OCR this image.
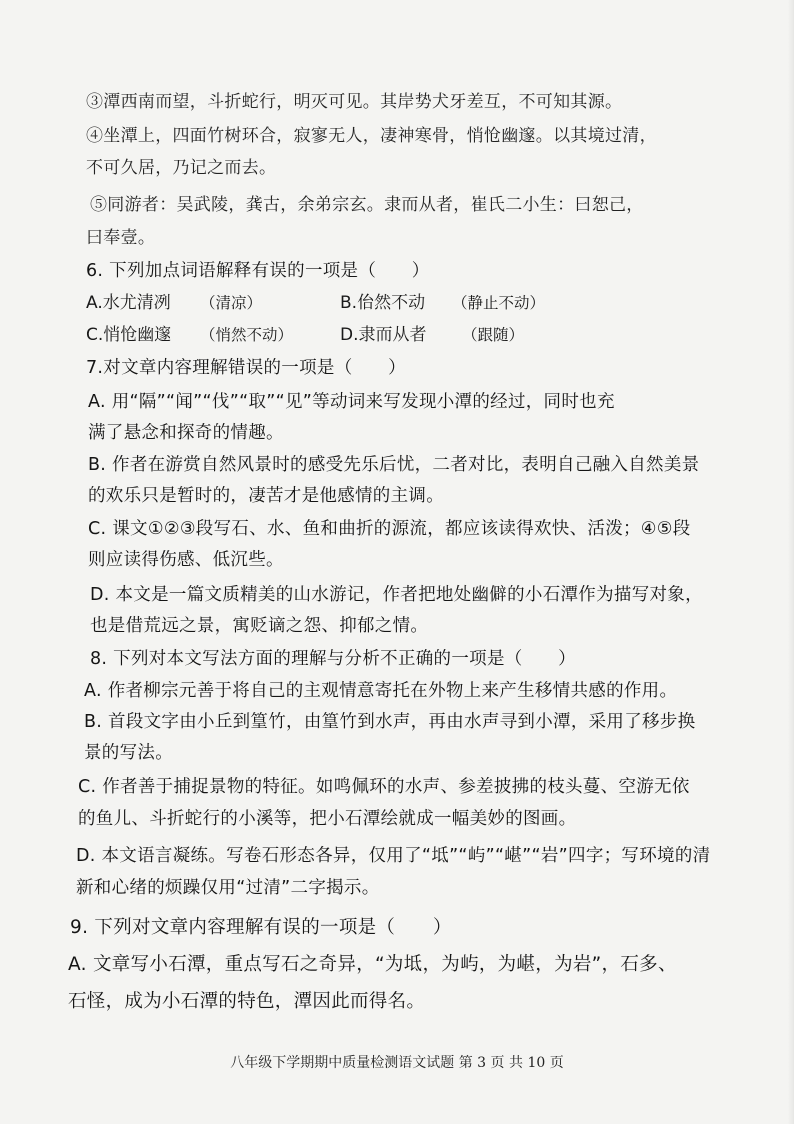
③潭西南而望，斗折蛇行，明灭可见。其岸势犬牙差互，不可知其源。
④坐潭上，四面竹树环合，寂寥无人，凄神寒骨，悄怆幽邃。以其境过清，
不可久居，乃记之而去。
⑤同游者：吴武陵，龚古，余弟宗玄。隶而从者，崔氏二小生：曰恕己，
曰奉壹。
6. 下列加点词语解释有误的一项是（　　）
A.水尤清冽 （清凉）	B.佁然不动 （静止不动）
C.悄怆幽邃 （悄然不动）	D.隶而从者 （跟随）
7.对文章内容理解错误的一项是（　　）
A. 用“隔”“闻”“伐”“取”“见”等动词来写发现小潭的经过，同时也充
满了悬念和探奇的情趣。
B. 作者在游赏自然风景时的感受先乐后忧，二者对比，表明自己融入自然美景
的欢乐只是暂时的，凄苦才是他感情的主调。
C. 课文①②③段写石、水、鱼和曲折的源流，都应该读得欢快、活泼；④⑤段
则应读得伤感、低沉些。
D. 本文是一篇文质精美的山水游记，作者把地处幽僻的小石潭作为描写对象，
也是借荒远之景，寓贬谪之怨、抑郁之情。
8. 下列对本文写法方面的理解与分析不正确的一项是（　　）
A. 作者柳宗元善于将自己的主观情意寄托在外物上来产生移情共感的作用。
B. 首段文字由小丘到篁竹，由篁竹到水声，再由水声寻到小潭，采用了移步换
景的写法。
C. 作者善于捕捉景物的特征。如鸣佩环的水声、参差披拂的枝头蔓、空游无依
的鱼儿、斗折蛇行的小溪等，把小石潭绘就成一幅美妙的图画。
D. 本文语言凝练。写卷石形态各异，仅用了“坻”“屿”“嵁”“岩”四字；写环境的清
新和心绪的烦躁仅用“过清”二字揭示。
9. 下列对文章内容理解有误的一项是（　　）
A. 文章写小石潭，重点写石之奇异，“为坻，为屿，为嵁，为岩”，石多、
石怪，成为小石潭的特色，潭因此而得名。
八年级下学期期中质量检测语文试题 第 3 页 共 10 页
